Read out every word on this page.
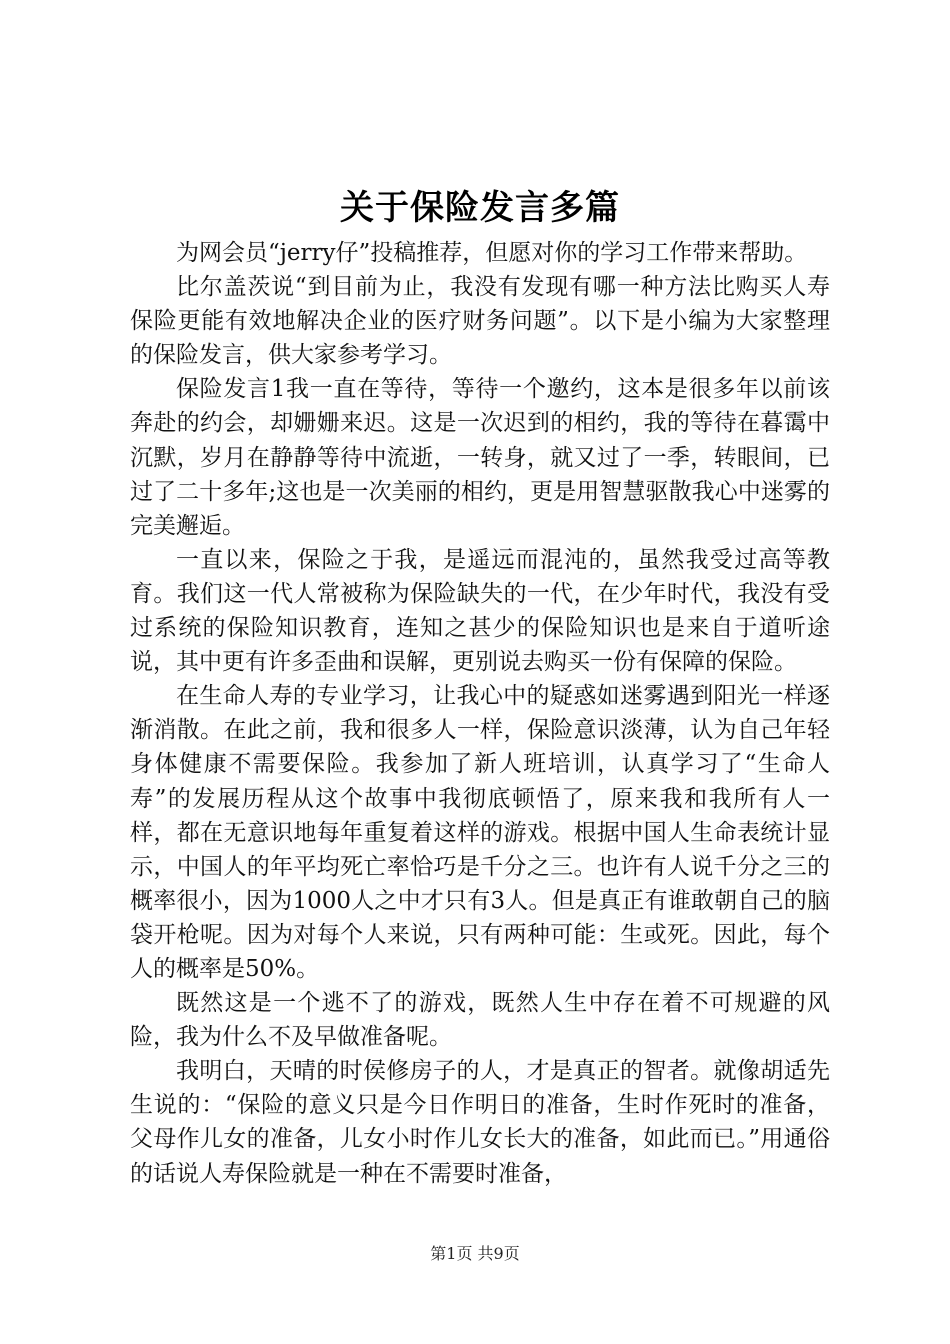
关于保险发言多篇

为网会员“jerry仔”投稿推荐，但愿对你的学习工作带来帮助。

比尔盖茨说“到目前为止，我没有发现有哪一种方法比购买人寿保险更能有效地解决企业的医疗财务问题”。以下是小编为大家整理的保险发言，供大家参考学习。

保险发言1我一直在等待，等待一个邀约，这本是很多年以前该奔赴的约会，却姗姗来迟。这是一次迟到的相约，我的等待在暮霭中沉默，岁月在静静等待中流逝，一转身，就又过了一季，转眼间，已过了二十多年;这也是一次美丽的相约，更是用智慧驱散我心中迷雾的完美邂逅。

一直以来，保险之于我，是遥远而混沌的，虽然我受过高等教育。我们这一代人常被称为保险缺失的一代，在少年时代，我没有受过系统的保险知识教育，连知之甚少的保险知识也是来自于道听途说，其中更有许多歪曲和误解，更别说去购买一份有保障的保险。

在生命人寿的专业学习，让我心中的疑惑如迷雾遇到阳光一样逐渐消散。在此之前，我和很多人一样，保险意识淡薄，认为自己年轻身体健康不需要保险。我参加了新人班培训，认真学习了“生命人寿”的发展历程从这个故事中我彻底顿悟了，原来我和我所有人一样，都在无意识地每年重复着这样的游戏。根据中国人生命表统计显示，中国人的年平均死亡率恰巧是千分之三。也许有人说千分之三的概率很小，因为1000人之中才只有3人。但是真正有谁敢朝自己的脑袋开枪呢。因为对每个人来说，只有两种可能：生或死。因此，每个人的概率是50%。

既然这是一个逃不了的游戏，既然人生中存在着不可规避的风险，我为什么不及早做准备呢。

我明白，天晴的时侯修房子的人，才是真正的智者。就像胡适先生说的：“保险的意义只是今日作明日的准备，生时作死时的准备，父母作儿女的准备，儿女小时作儿女长大的准备，如此而已。”用通俗的话说人寿保险就是一种在不需要时准备，

第1页 共9页
